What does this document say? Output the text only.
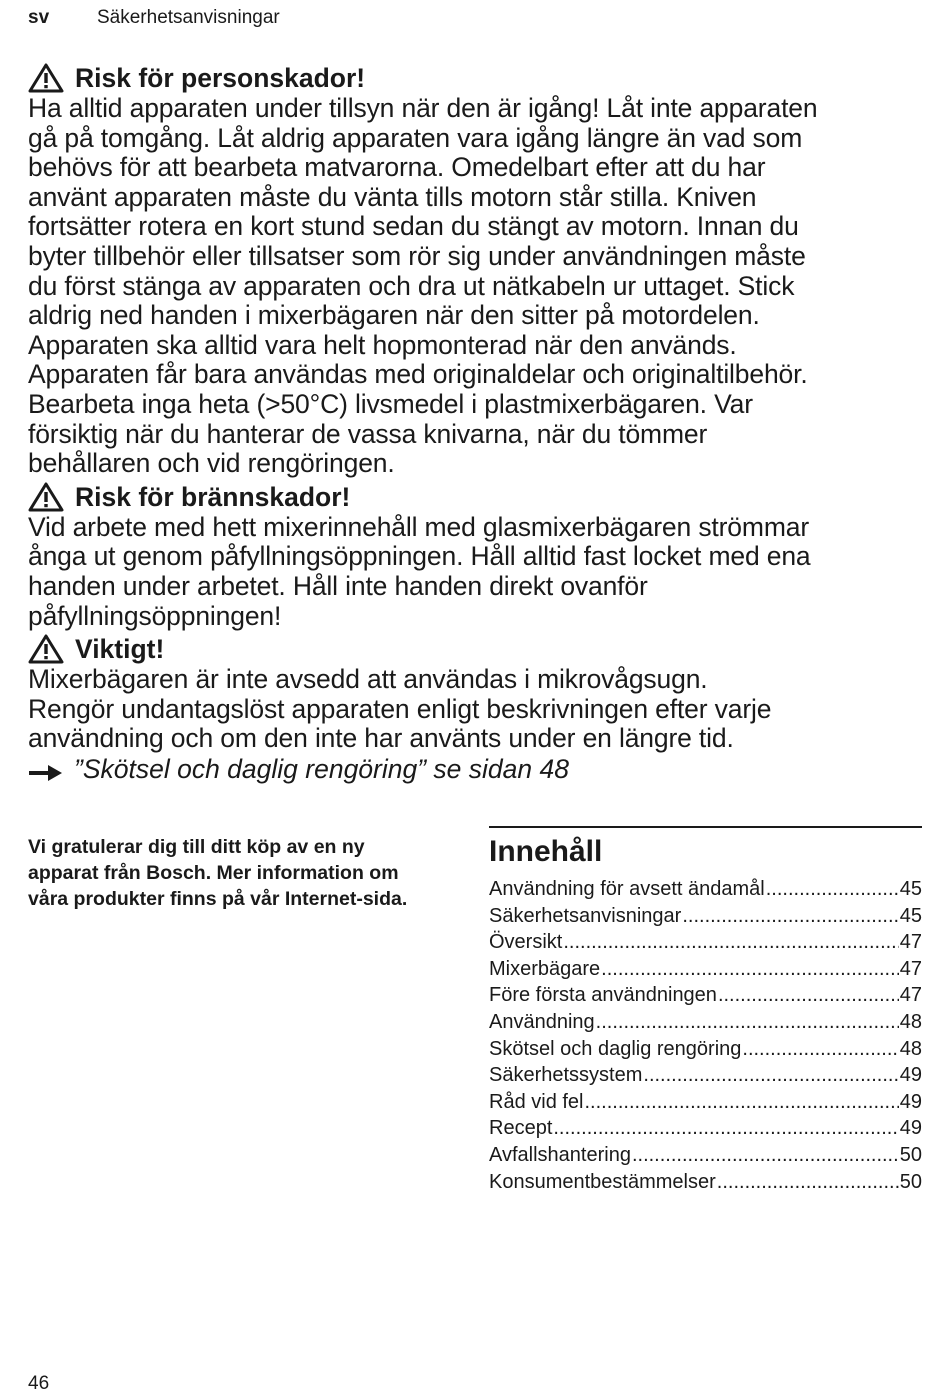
sv	Säkerhetsanvisningar
Risk för personskador!
Ha alltid apparaten under tillsyn när den är igång! Låt inte apparaten
gå på tomgång. Låt aldrig apparaten vara igång längre än vad som
behövs för att bearbeta matvarorna. Omedelbart efter att du har
använt apparaten måste du vänta tills motorn står stilla. Kniven
fortsätter rotera en kort stund sedan du stängt av motorn. Innan du
byter tillbehör eller tillsatser som rör sig under användningen måste
du först stänga av apparaten och dra ut nätkabeln ur uttaget. Stick
aldrig ned handen i mixerbägaren när den sitter på motordelen.
Apparaten ska alltid vara helt hopmonterad när den används.
Apparaten får bara användas med originaldelar och originaltilbehör.
Bearbeta inga heta (>50°C) livsmedel i plastmixerbägaren. Var
försiktig när du hanterar de vassa knivarna, när du tömmer
behållaren och vid rengöringen.
Risk för brännskador!
Vid arbete med hett mixerinnehåll med glasmixerbägaren strömmar
ånga ut genom påfyllningsöppningen. Håll alltid fast locket med ena
handen under arbetet. Håll inte handen direkt ovanför
påfyllningsöppningen!
Viktigt!
Mixerbägaren är inte avsedd att användas i mikrovågsugn.
Rengör undantagslöst apparaten enligt beskrivningen efter varje
användning och om den inte har använts under en längre tid.
”Skötsel och daglig rengöring” se sidan 48
Vi gratulerar dig till ditt köp av en ny
apparat från Bosch. Mer information om
våra produkter finns på vår Internet-sida.
Innehåll
Användning för avsett ändamål .....	45
Säkerhetsanvisningar .....	45
Översikt .....	47
Mixerbägare .....	47
Före första användningen .....	47
Användning .....	48
Skötsel och daglig rengöring .....	48
Säkerhetssystem .....	49
Råd vid fel .....	49
Recept .....	49
Avfallshantering .....	50
Konsumentbestämmelser .....	50
46
